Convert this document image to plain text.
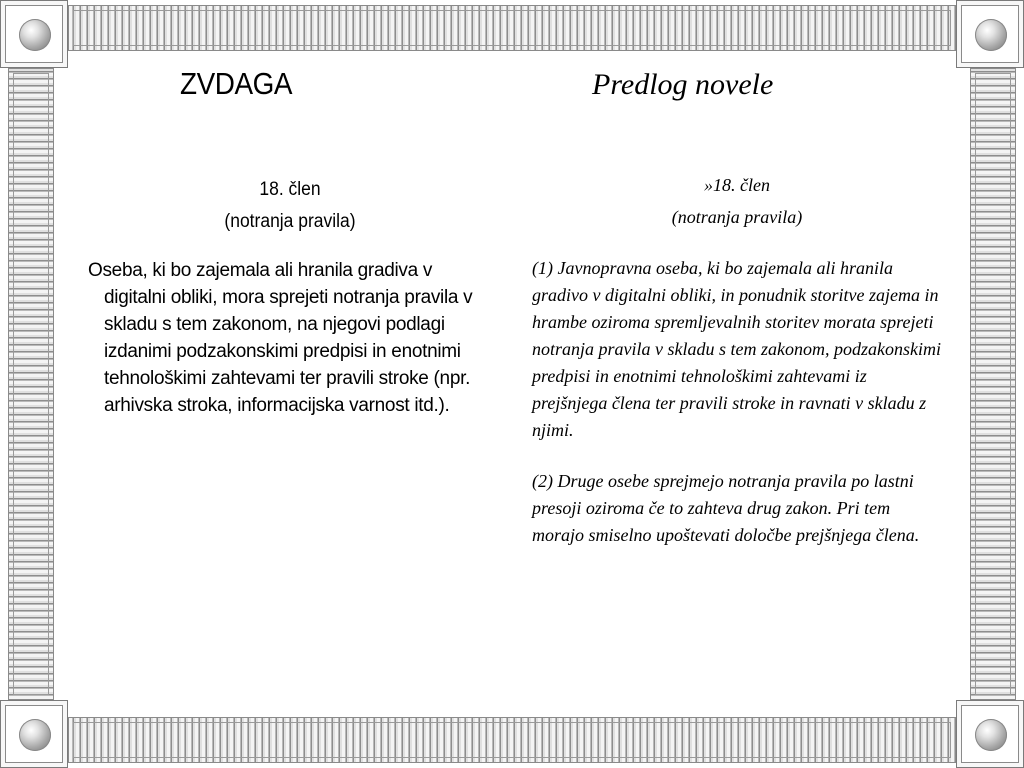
ZVDAGA	Predlog novele
18. člen
(notranja pravila)
Oseba, ki bo zajemala ali hranila gradiva v digitalni obliki, mora sprejeti notranja pravila v skladu s tem zakonom, na njegovi podlagi izdanimi podzakonskimi predpisi in enotnimi tehnološkimi zahtevami ter pravili stroke (npr. arhivska stroka, informacijska varnost itd.).
»18. člen
(notranja pravila)
(1) Javnopravna oseba, ki bo zajemala ali hranila gradivo v digitalni obliki, in ponudnik storitve zajema in hrambe oziroma spremljevalnih storitev morata sprejeti notranja pravila v skladu s tem zakonom, podzakonskimi predpisi in enotnimi tehnološkimi zahtevami iz prejšnjega člena ter pravili stroke in ravnati v skladu z njimi.
(2) Druge osebe sprejmejo notranja pravila po lastni presoji oziroma če to zahteva drug zakon. Pri tem morajo smiselno upoštevati določbe prejšnjega člena.
